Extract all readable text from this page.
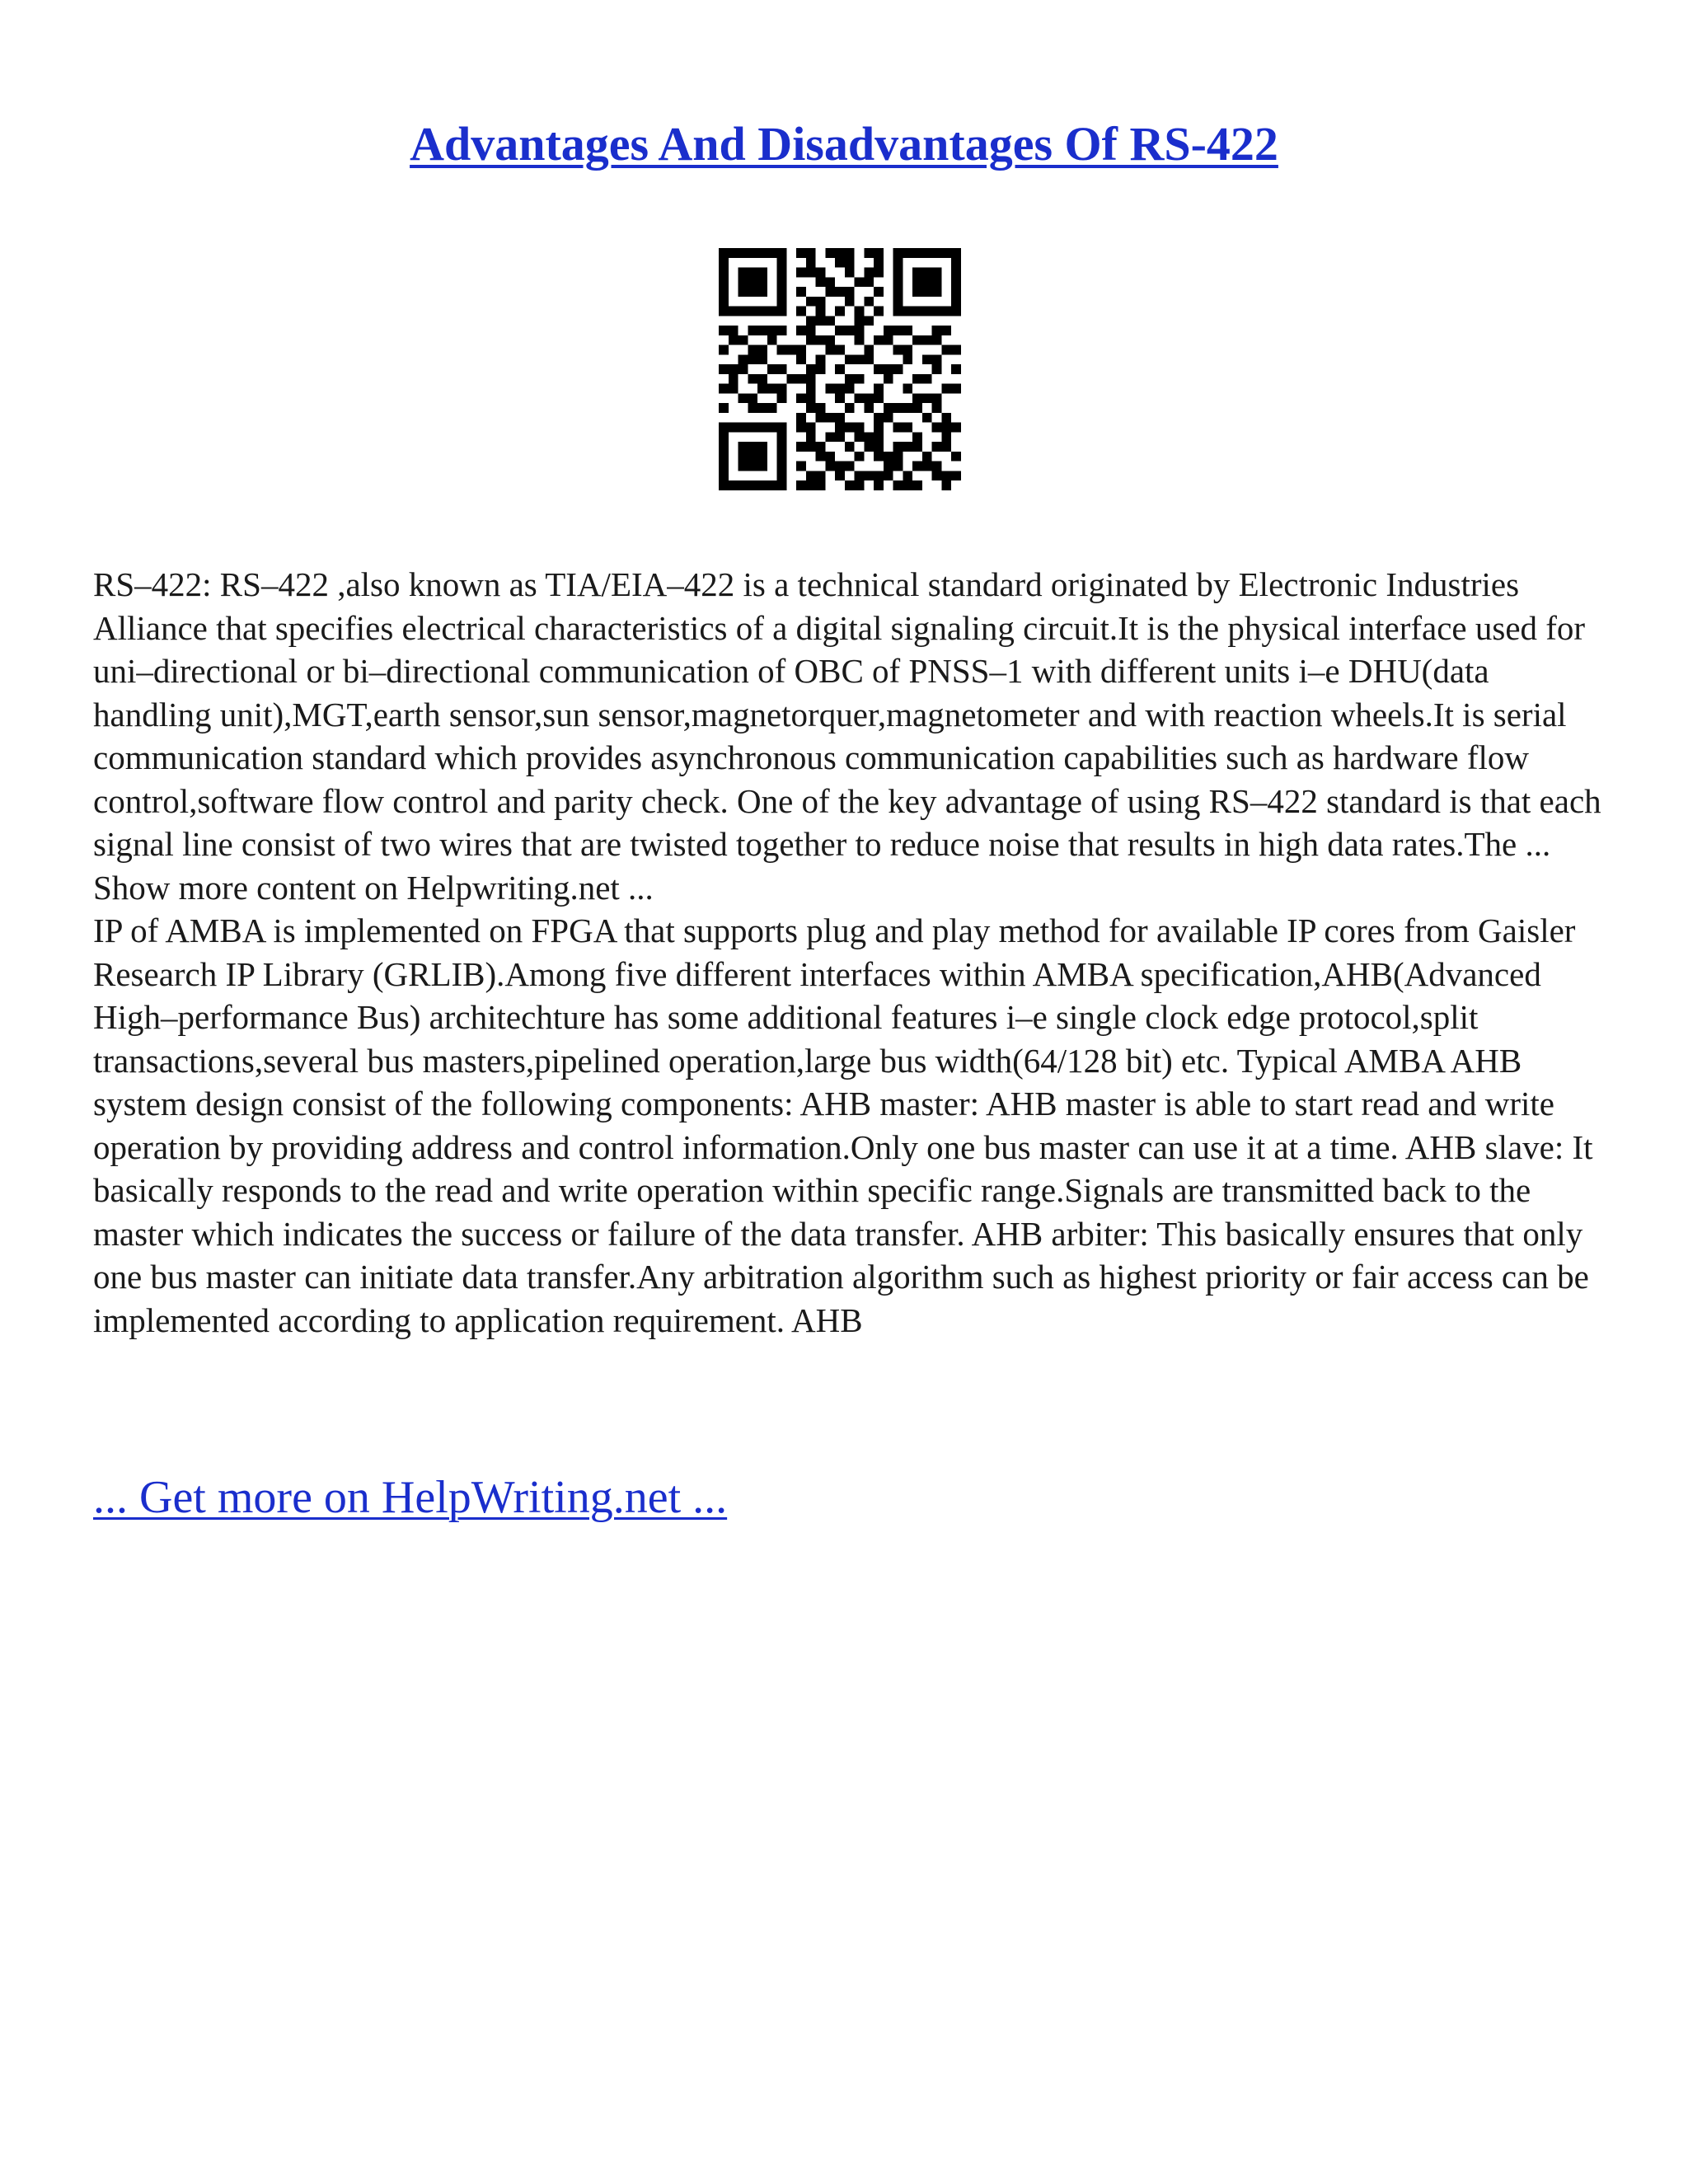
Advantages And Disadvantages Of RS-422

RS–422: RS–422 ,also known as TIA/EIA–422 is a technical standard originated by Electronic Industries Alliance that specifies electrical characteristics of a digital signaling circuit.It is the physical interface used for uni–directional or bi–directional communication of OBC of PNSS–1 with different units i–e DHU(data handling unit),MGT,earth sensor,sun sensor,magnetorquer,magnetometer and with reaction wheels.It is serial communication standard which provides asynchronous communication capabilities such as hardware flow control,software flow control and parity check. One of the key advantage of using RS–422 standard is that each signal line consist of two wires that are twisted together to reduce noise that results in high data rates.The ... Show more content on Helpwriting.net ...

IP of AMBA is implemented on FPGA that supports plug and play method for available IP cores from Gaisler Research IP Library (GRLIB).Among five different interfaces within AMBA specification,AHB(Advanced High–performance Bus) architechture has some additional features i–e single clock edge protocol,split transactions,several bus masters,pipelined operation,large bus width(64/128 bit) etc. Typical AMBA AHB system design consist of the following components: AHB master: AHB master is able to start read and write operation by providing address and control information.Only one bus master can use it at a time. AHB slave: It basically responds to the read and write operation within specific range.Signals are transmitted back to the master which indicates the success or failure of the data transfer. AHB arbiter: This basically ensures that only one bus master can initiate data transfer.Any arbitration algorithm such as highest priority or fair access can be implemented according to application requirement. AHB

... Get more on HelpWriting.net ...
